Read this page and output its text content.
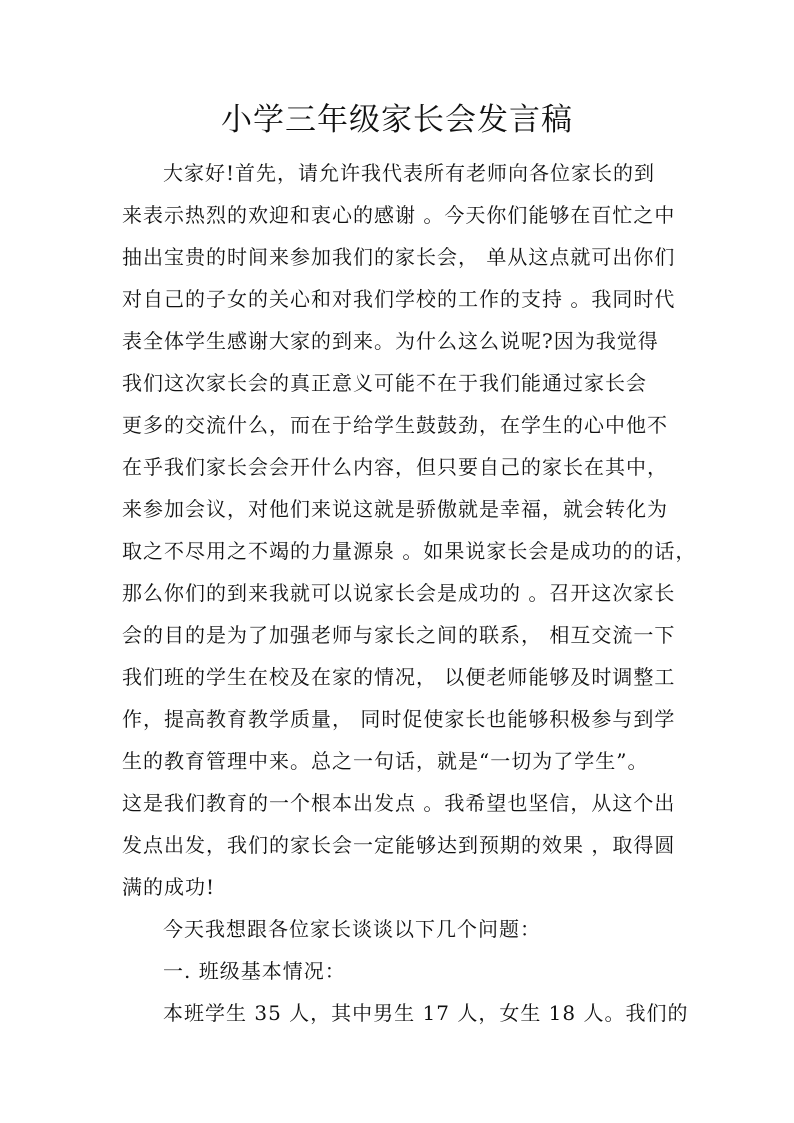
小学三年级家长会发言稿
大家好!首先，请允许我代表所有老师向各位家长的到
来表示热烈的欢迎和衷心的感谢 。今天你们能够在百忙之中
抽出宝贵的时间来参加我们的家长会， 单从这点就可出你们
对自己的子女的关心和对我们学校的工作的支持 。我同时代
表全体学生感谢大家的到来。为什么这么说呢?因为我觉得
我们这次家长会的真正意义可能不在于我们能通过家长会
更多的交流什么，而在于给学生鼓鼓劲，在学生的心中他不
在乎我们家长会会开什么内容，但只要自己的家长在其中，
来参加会议，对他们来说这就是骄傲就是幸福，就会转化为
取之不尽用之不竭的力量源泉 。如果说家长会是成功的的话，
那么你们的到来我就可以说家长会是成功的 。召开这次家长
会的目的是为了加强老师与家长之间的联系， 相互交流一下
我们班的学生在校及在家的情况， 以便老师能够及时调整工
作，提高教育教学质量， 同时促使家长也能够积极参与到学
生的教育管理中来。总之一句话，就是“一切为了学生”。
这是我们教育的一个根本出发点 。我希望也坚信，从这个出
发点出发，我们的家长会一定能够达到预期的效果 ，取得圆
满的成功!
今天我想跟各位家长谈谈以下几个问题：
一. 班级基本情况：
本班学生 35 人，其中男生 17 人，女生 18 人。我们的
